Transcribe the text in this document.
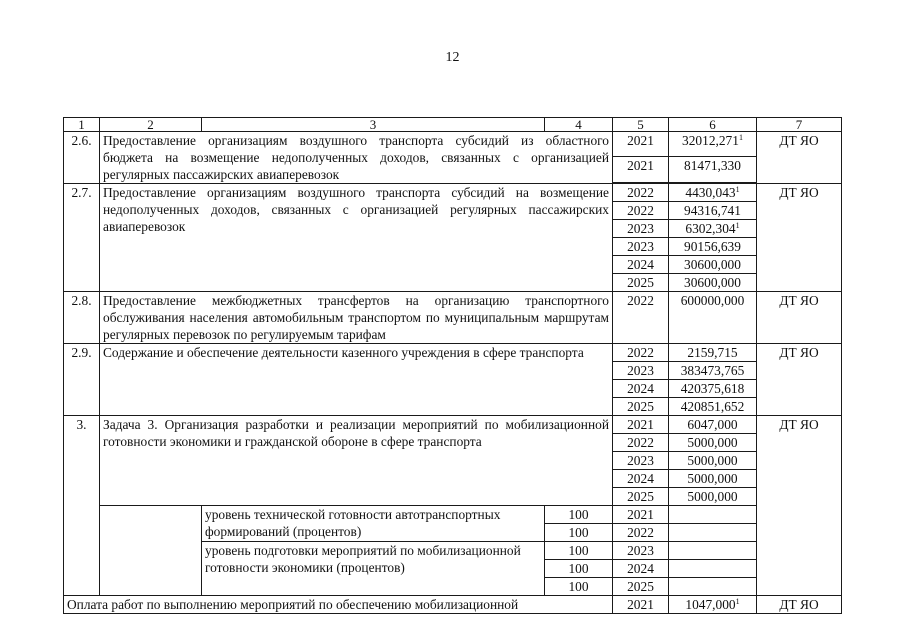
12
1	2	3	4	5	6	7
2.6.	Предоставление организациям воздушного транспорта субсидий из областного бюджета на возмещение недополученных доходов, связанных с организацией регулярных пассажирских авиаперевозок			2021	32012,271$^1$	ДТ ЯО
				2021	81471,330	

2.7.	Предоставление организациям воздушного транспорта субсидий на возмещение недополученных доходов, связанных с организацией регулярных пассажирских авиаперевозок			2022	4430,043$^1$	ДТ ЯО
				2022	94316,741	
				2023	6302,304$^1$
				2023	90156,639	
				2024	30600,000	
				2025	30600,000	
2.8.	Предоставление межбюджетных трансфертов на организацию транспортного обслуживания населения автомобильным транспортом по муниципальным маршрутам регулярных перевозок по регулируемым тарифам			2022	600000,000	ДТ ЯО
2.9.	Содержание и обеспечение деятельности казенного учреждения в сфере транспорта			2022	2159,715	ДТ ЯО
				2023	383473,765	
				2024	420375,618	
				2025	420851,652	
3.	Задача 3. Организация разработки и реализации мероприятий по мобилизационной готовности экономики и гражданской обороне в сфере транспорта			2021	6047,000	ДТ ЯО
				2022	5000,000	
				2023	5000,000	
				2024	5000,000	
				2025	5000,000	
		уровень технической готовности автотранспортных формирований (процентов)	100	2021		
			100	2022		
		уровень подготовки мероприятий по мобилизационной готовности экономики (процентов)	100	2023		
			100	2024		
			100	2025		
Оплата работ по выполнению мероприятий по обеспечению мобилизационной				2021	1047,000$^1$	ДТ ЯО
